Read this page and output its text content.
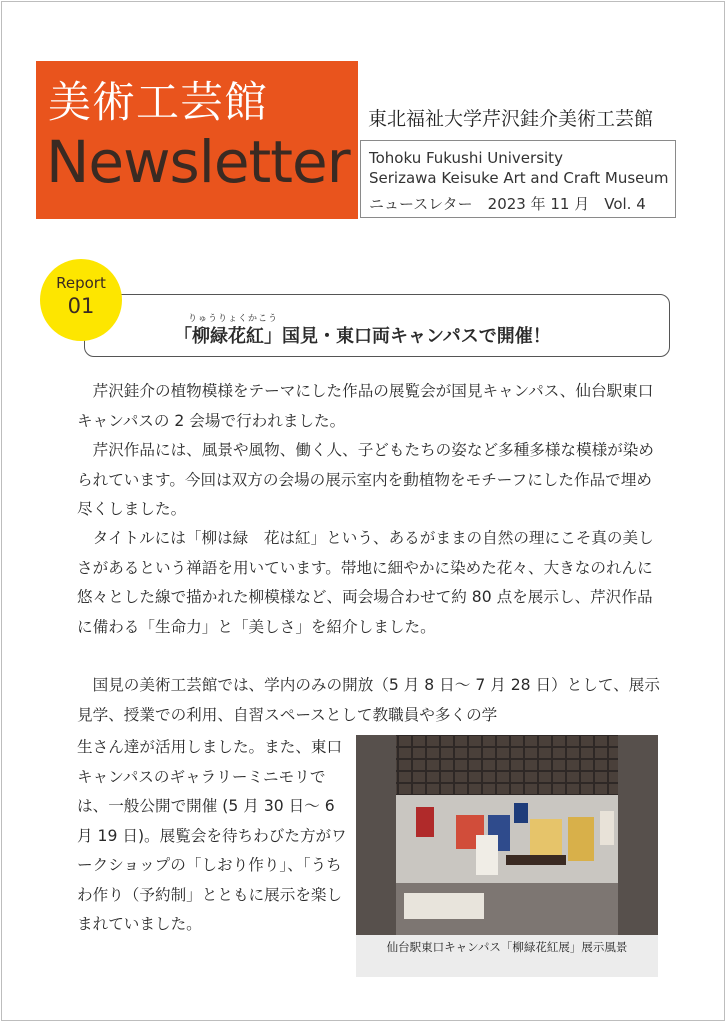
美術工芸館
Newsletter
東北福祉大学芹沢銈介美術工芸館
Tohoku Fukushi University
Serizawa Keisuke Art and Craft Museum
ニュースレター　2023 年 11 月　Vol. 4
Report
01
りゅうりょくかこう
「柳緑花紅」国見・東口両キャンパスで開催！

芹沢銈介の植物模様をテーマにした作品の展覧会が国見キャンパス、仙台駅東口キャンパスの 2 会場で行われました。

芹沢作品には、風景や風物、働く人、子どもたちの姿など多種多様な模様が染められています。今回は双方の会場の展示室内を動植物をモチーフにした作品で埋め尽くしました。

タイトルには「柳は緑　花は紅」という、あるがままの自然の理にこそ真の美しさがあるという禅語を用いています。帯地に細やかに染めた花々、大きなのれんに悠々とした線で描かれた柳模様など、両会場合わせて約 80 点を展示し、芹沢作品に備わる「生命力」と「美しさ」を紹介しました。

国見の美術工芸館では、学内のみの開放（5 月 8 日～ 7 月 28 日）として、展示見学、授業での利用、自習スペースとして教職員や多くの学

生さん達が活用しました。また、東口キャンパスのギャラリーミニモリでは、一般公開で開催 (5 月 30 日～ 6 月 19 日)。展覧会を待ちわびた方がワークショップの「しおり作り」、「うちわ作り（予約制」とともに展示を楽しまれていました。

仙台駅東口キャンパス「柳緑花紅展」展示風景
